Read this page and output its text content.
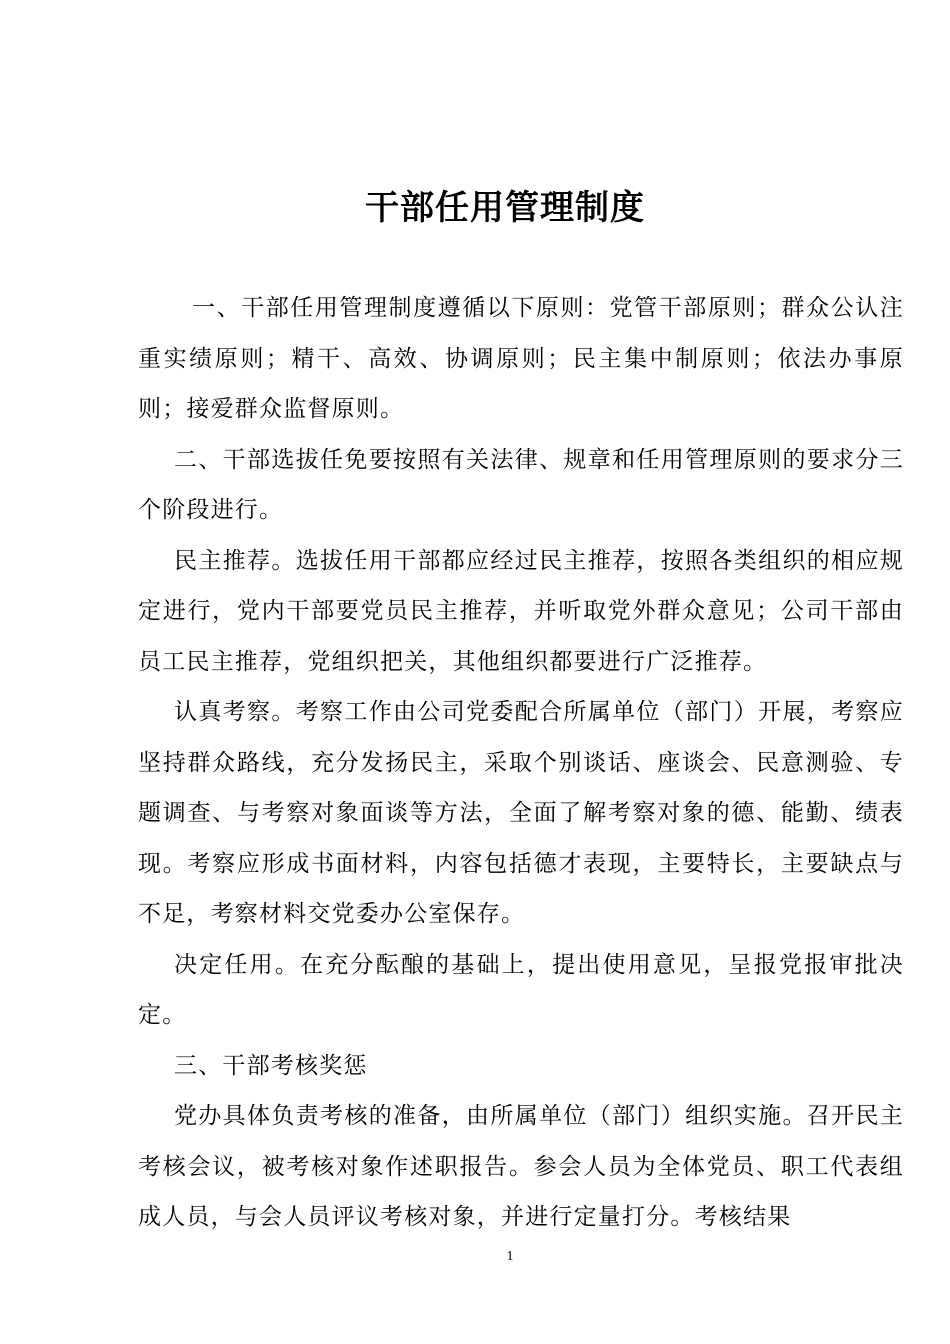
干部任用管理制度

一、干部任用管理制度遵循以下原则：党管干部原则；群众公认注重实绩原则；精干、高效、协调原则；民主集中制原则；依法办事原则；接爱群众监督原则。

二、干部选拔任免要按照有关法律、规章和任用管理原则的要求分三个阶段进行。

民主推荐。选拔任用干部都应经过民主推荐，按照各类组织的相应规定进行，党内干部要党员民主推荐，并听取党外群众意见；公司干部由员工民主推荐，党组织把关，其他组织都要进行广泛推荐。

认真考察。考察工作由公司党委配合所属单位（部门）开展，考察应坚持群众路线，充分发扬民主，采取个别谈话、座谈会、民意测验、专题调查、与考察对象面谈等方法，全面了解考察对象的德、能勤、绩表现。考察应形成书面材料，内容包括德才表现，主要特长，主要缺点与不足，考察材料交党委办公室保存。

决定任用。在充分酝酿的基础上，提出使用意见，呈报党报审批决定。

三、干部考核奖惩

党办具体负责考核的准备，由所属单位（部门）组织实施。召开民主考核会议，被考核对象作述职报告。参会人员为全体党员、职工代表组成人员，与会人员评议考核对象，并进行定量打分。考核结果

1
